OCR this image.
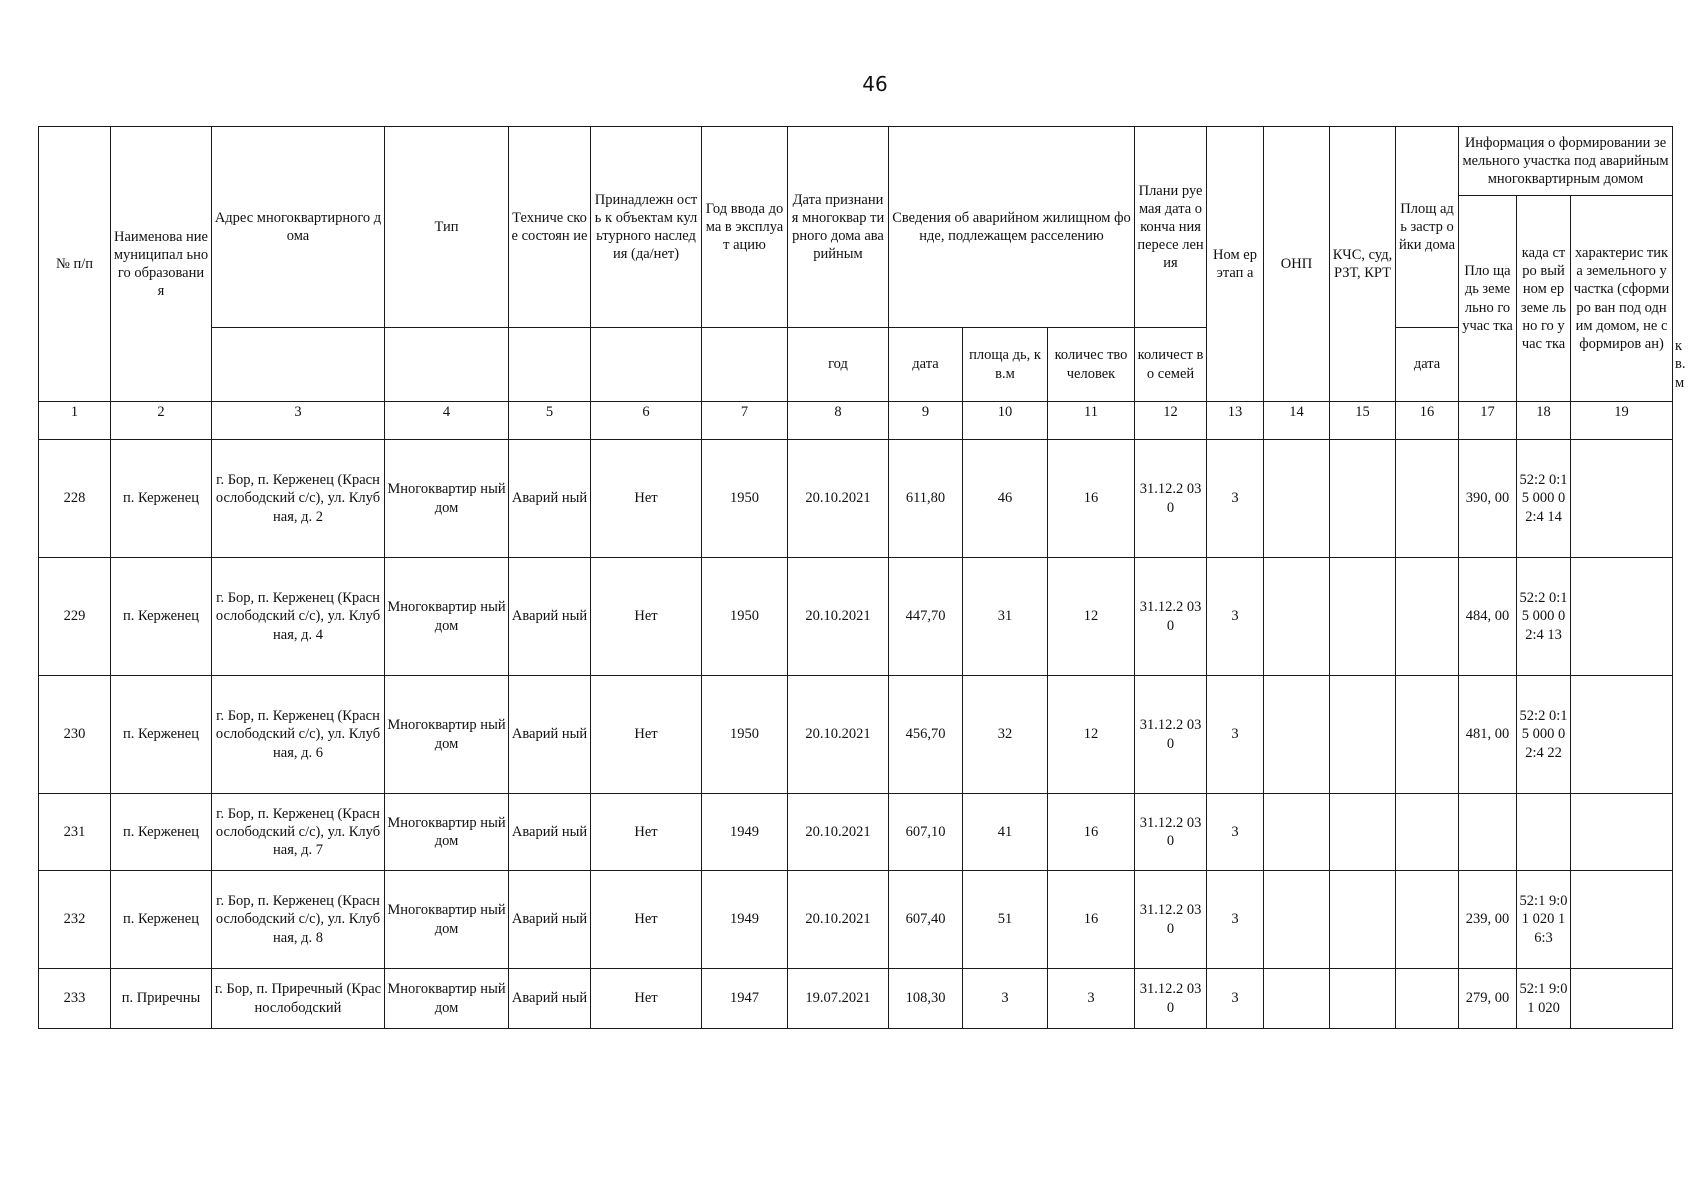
46
№ п/п	Наименова ние муниципал ьного образовани я	Адрес многоквартирного дома	Тип	Техниче ское состоян ие	Принадлежн ость к объектам культурного наследия (да/нет)	Год ввода дома в эксплуат ацию	Дата признания многоквар тирного дома аварийным	Сведения об аварийном жилищном фонде, подлежащем расселению			Плани руемая дата оконча ния пересе ления	Ном ер этап а	ОНП	КЧС, суд, РЗТ, КРТ	Площ адь застр ойки дома	Информация о формировании земельного участка под аварийным многоквартирным домом			
																Пло щадь земе льно го учас тка	када стро вый ном ер земе льно го учас тка	характерис тика земельного участка (сформиро ван под одним домом, не сформиров ан)	
							год	дата	площа дь, кв.м	количес тво человек	количест во семей				дата				кв. м
1	2	3	4	5	6	7	8	9	10	11	12	13	14	15	16	17	18	19	
228	п. Керженец	г. Бор, п. Керженец (Краснослободский с/с), ул. Клубная, д. 2	Многоквартир ный дом	Аварий ный	Нет	1950	20.10.2021	611,80	46	16	31.12.2 030	3				390, 00	52:2 0:15 000 02:4 14		
229	п. Керженец	г. Бор, п. Керженец (Краснослободский с/с), ул. Клубная, д. 4	Многоквартир ный дом	Аварий ный	Нет	1950	20.10.2021	447,70	31	12	31.12.2 030	3				484, 00	52:2 0:15 000 02:4 13		
230	п. Керженец	г. Бор, п. Керженец (Краснослободский с/с), ул. Клубная, д. 6	Многоквартир ный дом	Аварий ный	Нет	1950	20.10.2021	456,70	32	12	31.12.2 030	3				481, 00	52:2 0:15 000 02:4 22		
231	п. Керженец	г. Бор, п. Керженец (Краснослободский с/с), ул. Клубная, д. 7	Многоквартир ный дом	Аварий ный	Нет	1949	20.10.2021	607,10	41	16	31.12.2 030	3							
232	п. Керженец	г. Бор, п. Керженец (Краснослободский с/с), ул. Клубная, д. 8	Многоквартир ный дом	Аварий ный	Нет	1949	20.10.2021	607,40	51	16	31.12.2 030	3				239, 00	52:1 9:01 020 16:3		
233	п. Приречны	г. Бор, п. Приречный (Краснослободский	Многоквартир ный дом	Аварий ный	Нет	1947	19.07.2021	108,30	3	3	31.12.2 030	3				279, 00	52:1 9:01 020		
